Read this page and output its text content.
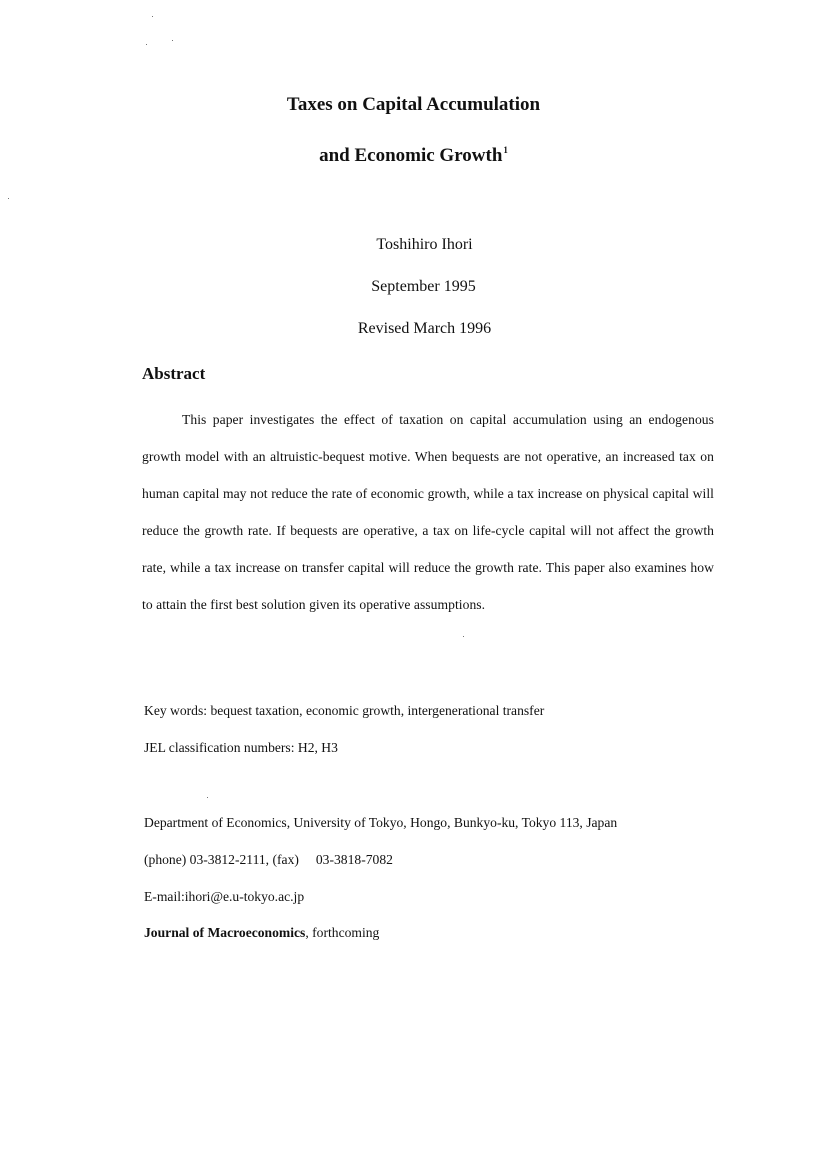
Taxes on Capital Accumulation
and Economic Growth$^1$
Toshihiro Ihori
September 1995
Revised March 1996
Abstract

This paper investigates the effect of taxation on capital accumulation using an endogenous growth model with an altruistic-bequest motive. When bequests are not operative, an increased tax on human capital may not reduce the rate of economic growth, while a tax increase on physical capital will reduce the growth rate. If bequests are operative, a tax on life-cycle capital will not affect the growth rate, while a tax increase on transfer capital will reduce the growth rate. This paper also examines how to attain the first best solution given its operative assumptions.

Key words: bequest taxation, economic growth, intergenerational transfer
JEL classification numbers: H2, H3
Department of Economics, University of Tokyo, Hongo, Bunkyo-ku, Tokyo 113, Japan
(phone) 03-3812-2111, (fax)     03-3818-7082
E-mail:ihori@e.u-tokyo.ac.jp
Journal of Macroeconomics, forthcoming
